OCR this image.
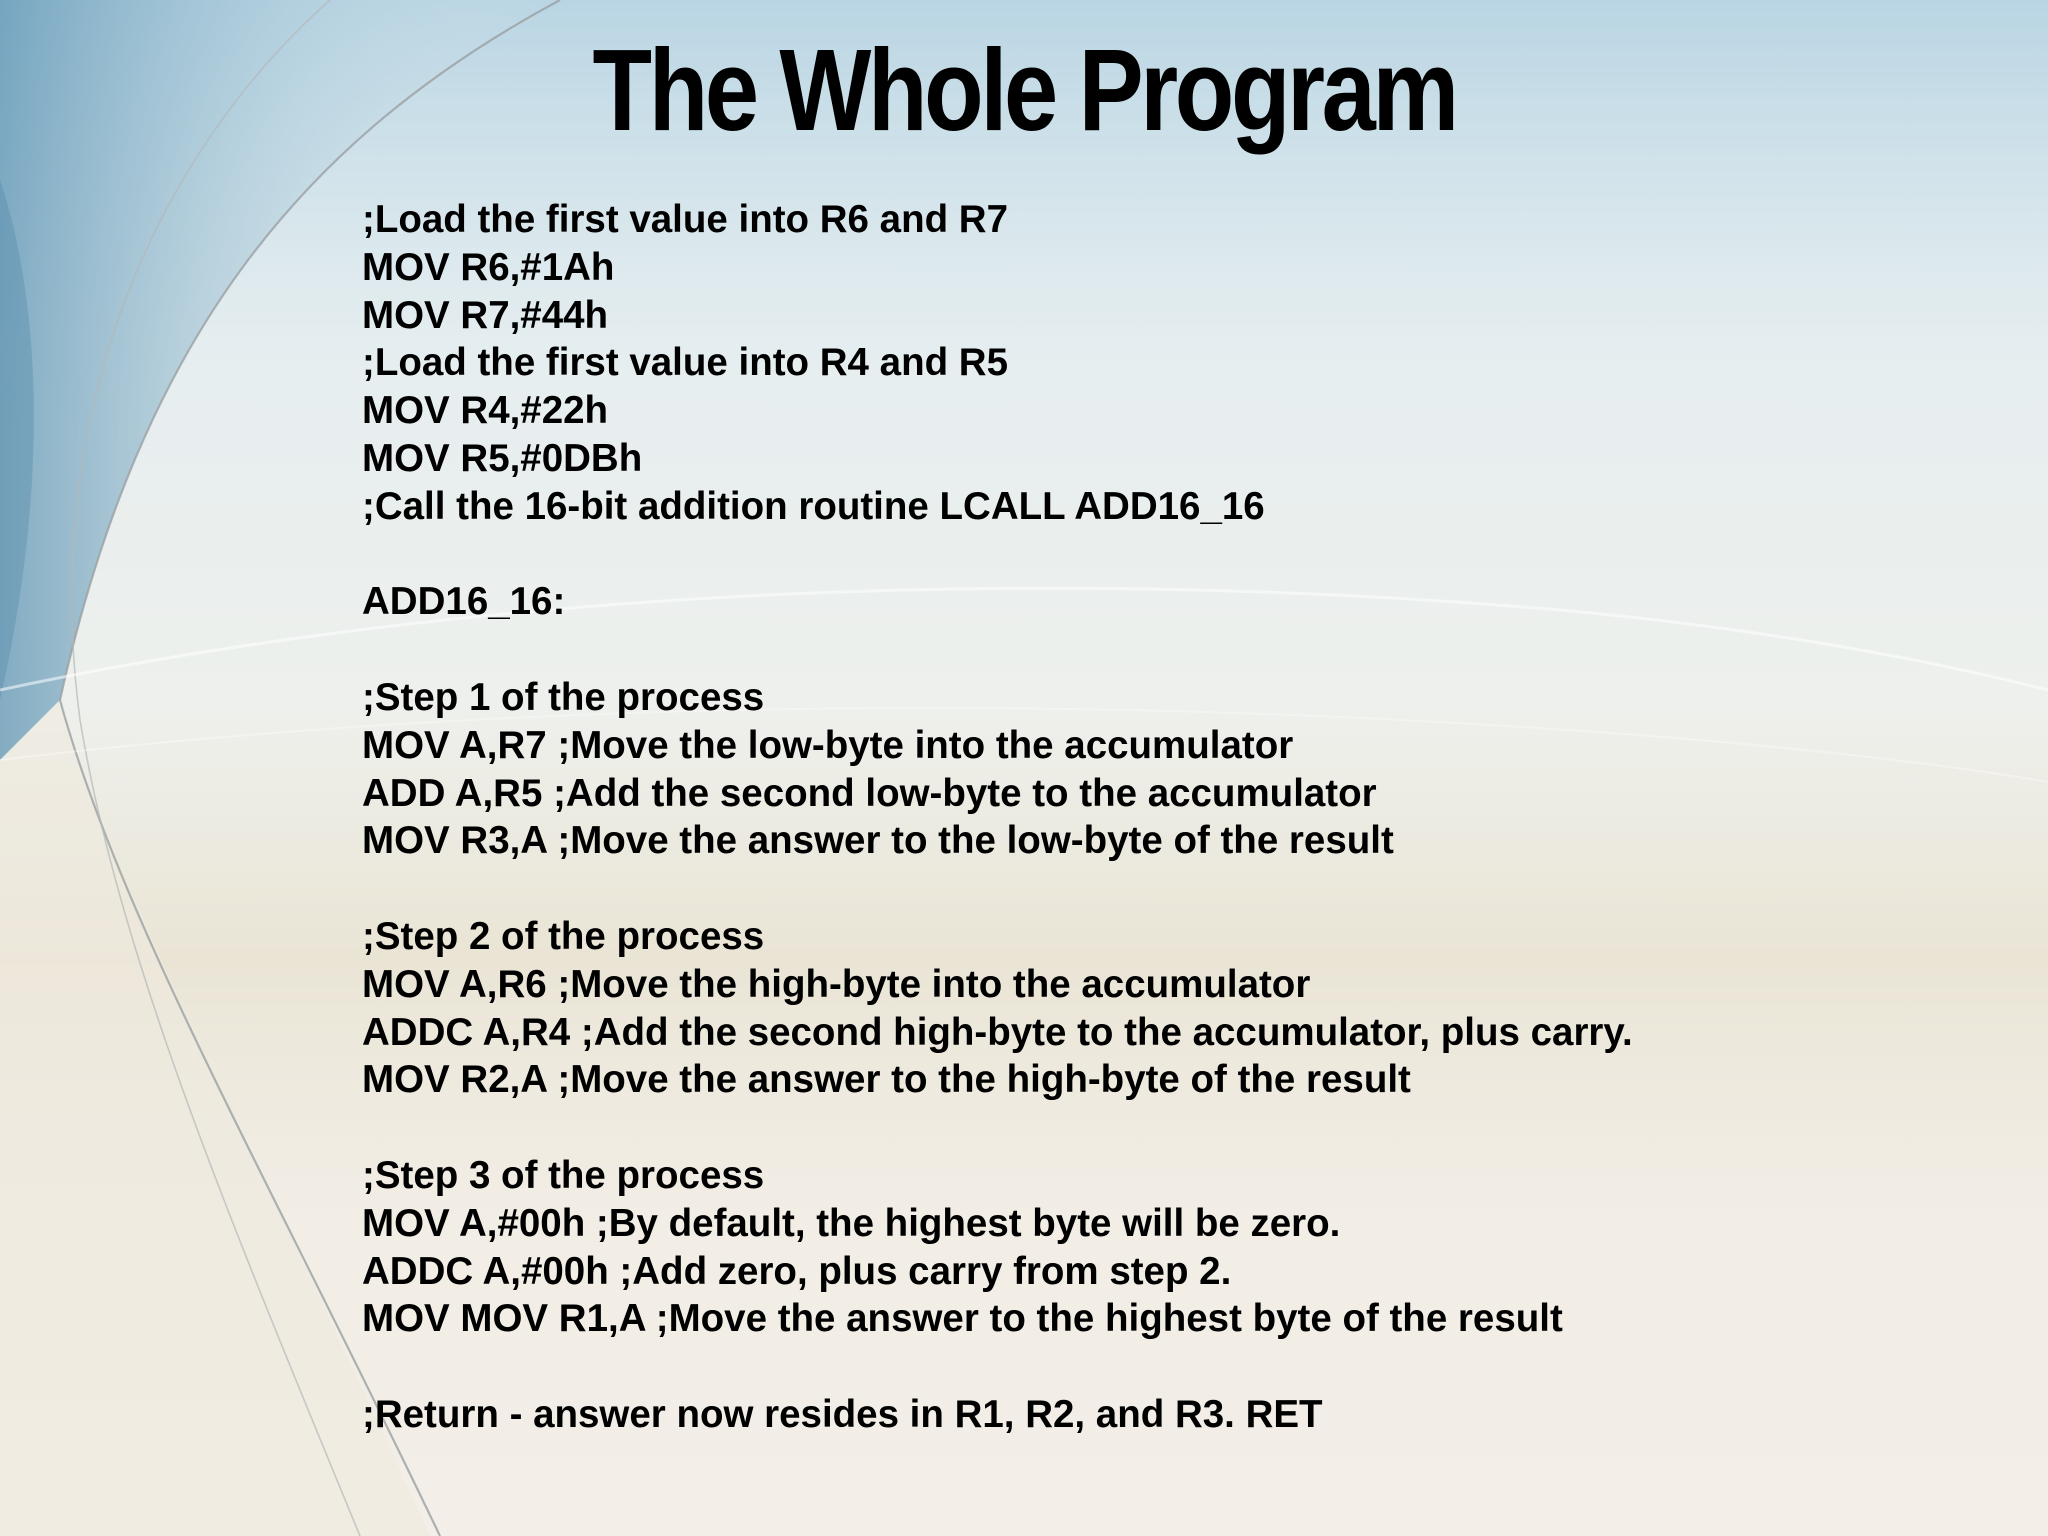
The Whole Program
;Load the first value into R6 and R7
MOV R6,#1Ah
MOV R7,#44h
;Load the first value into R4 and R5
MOV R4,#22h
MOV R5,#0DBh
;Call the 16-bit addition routine LCALL ADD16_16
ADD16_16:
;Step 1 of the process
MOV A,R7 ;Move the low-byte into the accumulator
ADD A,R5 ;Add the second low-byte to the accumulator
MOV R3,A ;Move the answer to the low-byte of the result
;Step 2 of the process
MOV A,R6 ;Move the high-byte into the accumulator
ADDC A,R4 ;Add the second high-byte to the accumulator, plus carry.
MOV R2,A ;Move the answer to the high-byte of the result
;Step 3 of the process
MOV A,#00h ;By default, the highest byte will be zero.
ADDC A,#00h ;Add zero, plus carry from step 2.
MOV MOV R1,A ;Move the answer to the highest byte of the result
;Return - answer now resides in R1, R2, and R3. RET
